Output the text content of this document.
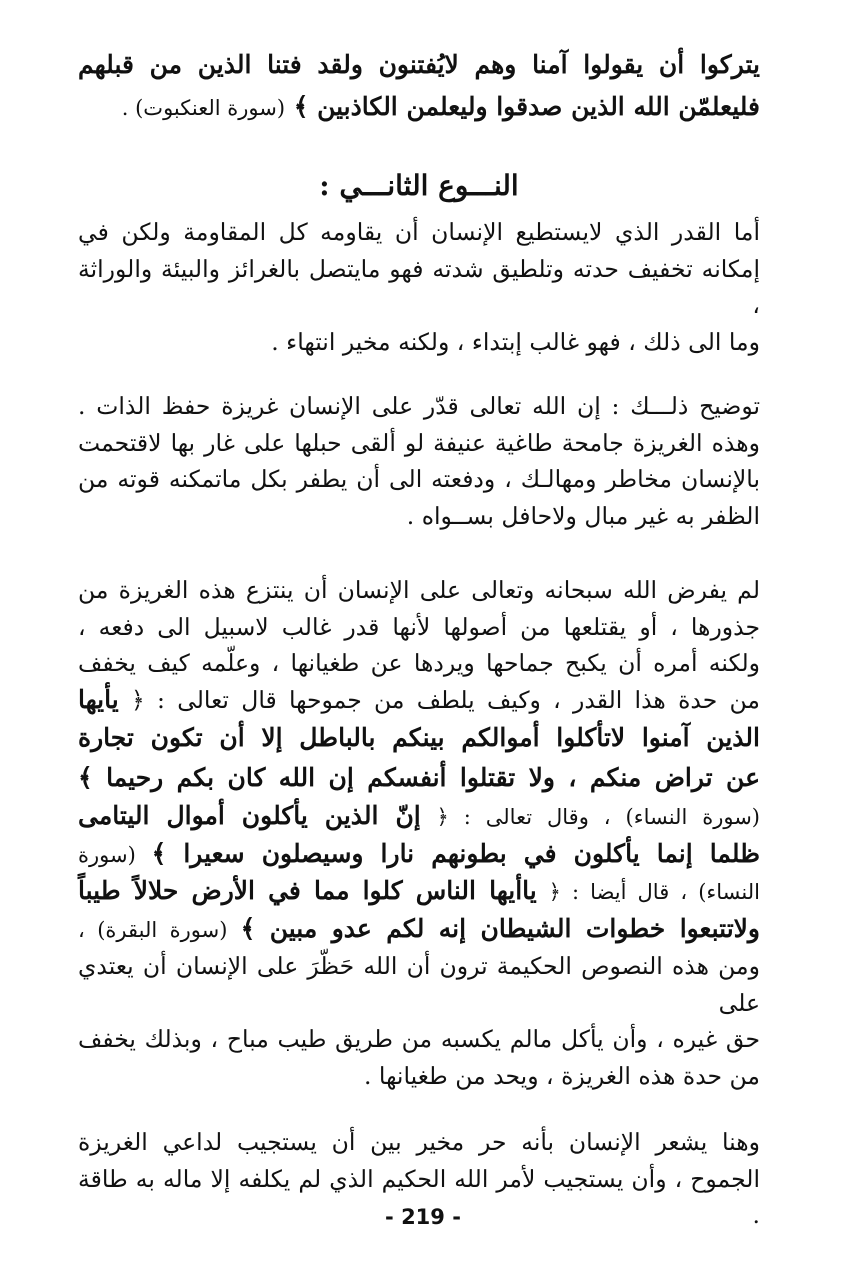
يتركوا أن يقولوا آمنا وهم لايُفتنون ولقد فتنا الذين من قبلهم
فليعلمّن الله الذين صدقوا وليعلمن الكاذبين ﴾ (سورة العنكبوت) .
النـــوع الثانـــي :
أما القدر الذي لايستطيع الإنسان أن يقاومه كل المقاومة ولكن في
إمكانه تخفيف حدته وتلطيق شدته فهو مايتصل بالغرائز والبيئة والوراثة ،
وما الى ذلك ، فهو غالب إبتداء ، ولكنه مخير انتهاء .
توضيح ذلـــك : إن الله تعالى قدّر على الإنسان غريزة حفظ الذات .
وهذه الغريزة جامحة طاغية عنيفة لو ألقى حبلها على غار بها لاقتحمت
بالإنسان مخاطر ومهالـك ، ودفعته الى أن يطفر بكل ماتمكنه قوته من
الظفر به غير مبال ولاحافل بســواه .
لم يفرض الله سبحانه وتعالى على الإنسان أن ينتزع هذه الغريزة من
جذورها ، أو يقتلعها من أصولها لأنها قدر غالب لاسبيل الى دفعه ،
ولكنه أمره أن يكبح جماحها ويردها عن طغيانها ، وعلّمه كيف يخفف
من حدة هذا القدر ، وكيف يلطف من جموحها قال تعالى : ﴿ يأيها
الذين آمنوا لاتأكلوا أموالكم بينكم بالباطل إلا أن تكون تجارة
عن تراض منكم ، ولا تقتلوا أنفسكم إن الله كان بكم رحيما ﴾
(سورة النساء) ، وقال تعالى : ﴿ إنّ الذين يأكلون أموال اليتامى
ظلما إنما يأكلون في بطونهم نارا وسيصلون سعيرا ﴾ (سورة
النساء) ، قال أيضا : ﴿ ياأيها الناس كلوا مما في الأرض حلالاً طيباً
ولاتتبعوا خطوات الشيطان إنه لكم عدو مبين ﴾ (سورة البقرة) ،
ومن هذه النصوص الحكيمة ترون أن الله حَظّرَ على الإنسان أن يعتدي على
حق غيره ، وأن يأكل مالم يكسبه من طريق طيب مباح ، وبذلك يخفف
من حدة هذه الغريزة ، ويحد من طغيانها .
وهنا يشعر الإنسان بأنه حر مخير بين أن يستجيب لداعي الغريزة
الجموح ، وأن يستجيب لأمر الله الحكيم الذي لم يكلفه إلا ماله به طاقة .
- 219 -
